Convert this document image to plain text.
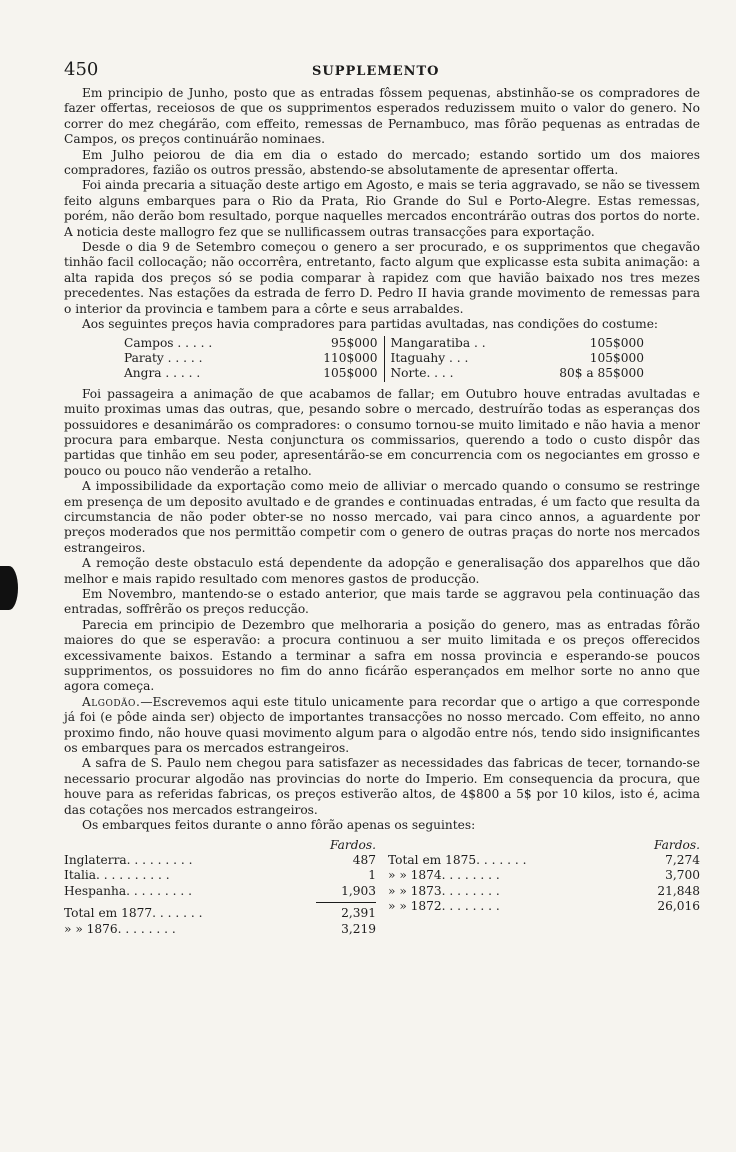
450	SUPPLEMENTO

Em principio de Junho, posto que as entradas fôssem pequenas, abstinhão-se os compradores de fazer offertas, receiosos de que os supprimentos esperados reduzissem muito o valor do genero. No correr do mez chegárão, com effeito, remessas de Pernambuco, mas fôrão pequenas as entradas de Campos, os preços continuárão nominaes.

Em Julho peiorou de dia em dia o estado do mercado; estando sortido um dos maiores compradores, fazião os outros pressão, abstendo-se absolutamente de apresentar offerta.

Foi ainda precaria a situação deste artigo em Agosto, e mais se teria aggravado, se não se tivessem feito alguns embarques para o Rio da Prata, Rio Grande do Sul e Porto-Alegre. Estas remessas, porém, não derão bom resultado, porque naquelles mercados encontrárão outras dos portos do norte. A noticia deste mallogro fez que se nullificassem outras transacções para exportação.

Desde o dia 9 de Setembro começou o genero a ser procurado, e os supprimentos que chegavão tinhão facil collocação; não occorrêra, entretanto, facto algum que explicasse esta subita animação: a alta rapida dos preços só se podia comparar à rapidez com que havião baixado nos tres mezes precedentes. Nas estações da estrada de ferro D. Pedro II havia grande movimento de remessas para o interior da provincia e tambem para a côrte e seus arrabaldes.

Aos seguintes preços havia compradores para partidas avultadas, nas condições do costume:

Campos . . . . .	95$000
Paraty . . . . .	110$000
Angra . . . . .	105$000
Mangaratiba . .	105$000
Itaguahy . . .	105$000
Norte. . . .	80$ a 85$000

Foi passageira a animação de que acabamos de fallar; em Outubro houve entradas avultadas e muito proximas umas das outras, que, pesando sobre o mercado, destruírão todas as esperanças dos possuidores e desanimárão os compradores: o consumo tornou-se muito limitado e não havia a menor procura para embarque. Nesta conjunctura os commissarios, querendo a todo o custo dispôr das partidas que tinhão em seu poder, apresentárão-se em concurrencia com os negociantes em grosso e pouco ou pouco não venderão a retalho.

A impossibilidade da exportação como meio de alliviar o mercado quando o consumo se restringe em presença de um deposito avultado e de grandes e continuadas entradas, é um facto que resulta da circumstancia de não poder obter-se no nosso mercado, vai para cinco annos, a aguardente por preços moderados que nos permittão competir com o genero de outras praças do norte nos mercados estrangeiros.

A remoção deste obstaculo está dependente da adopção e generalisação dos apparelhos que dão melhor e mais rapido resultado com menores gastos de producção.

Em Novembro, mantendo-se o estado anterior, que mais tarde se aggravou pela continuação das entradas, soffrêrão os preços reducção.

Parecia em principio de Dezembro que melhoraria a posição do genero, mas as entradas fôrão maiores do que se esperavão: a procura continuou a ser muito limitada e os preços offerecidos excessivamente baixos. Estando a terminar a safra em nossa provincia e esperando-se poucos supprimentos, os possuidores no fim do anno ficárão esperançados em melhor sorte no anno que agora começa.

Algodão.—Escrevemos aqui este titulo unicamente para recordar que o artigo a que corresponde já foi (e pôde ainda ser) objecto de importantes transacções no nosso mercado. Com effeito, no anno proximo findo, não houve quasi movimento algum para o algodão entre nós, tendo sido insignificantes os embarques para os mercados estrangeiros.

A safra de S. Paulo nem chegou para satisfazer as necessidades das fabricas de tecer, tornando-se necessario procurar algodão nas provincias do norte do Imperio. Em consequencia da procura, que houve para as referidas fabricas, os preços estiverão altos, de 4$800 a 5$ por 10 kilos, isto é, acima das cotações nos mercados estrangeiros.

Os embarques feitos durante o anno fôrão apenas os seguintes:

Fardos.
Inglaterra. . . . . . . . .	487
Italia. . . . . . . . . .	1
Hespanha. . . . . . . . .	1,903
Total em 1877. . . . . . .	2,391
» » 1876. . . . . . . .	3,219
Fardos.
Total em 1875. . . . . . .	7,274
» » 1874. . . . . . . .	3,700
» » 1873. . . . . . . .	21,848
» » 1872. . . . . . . .	26,016
